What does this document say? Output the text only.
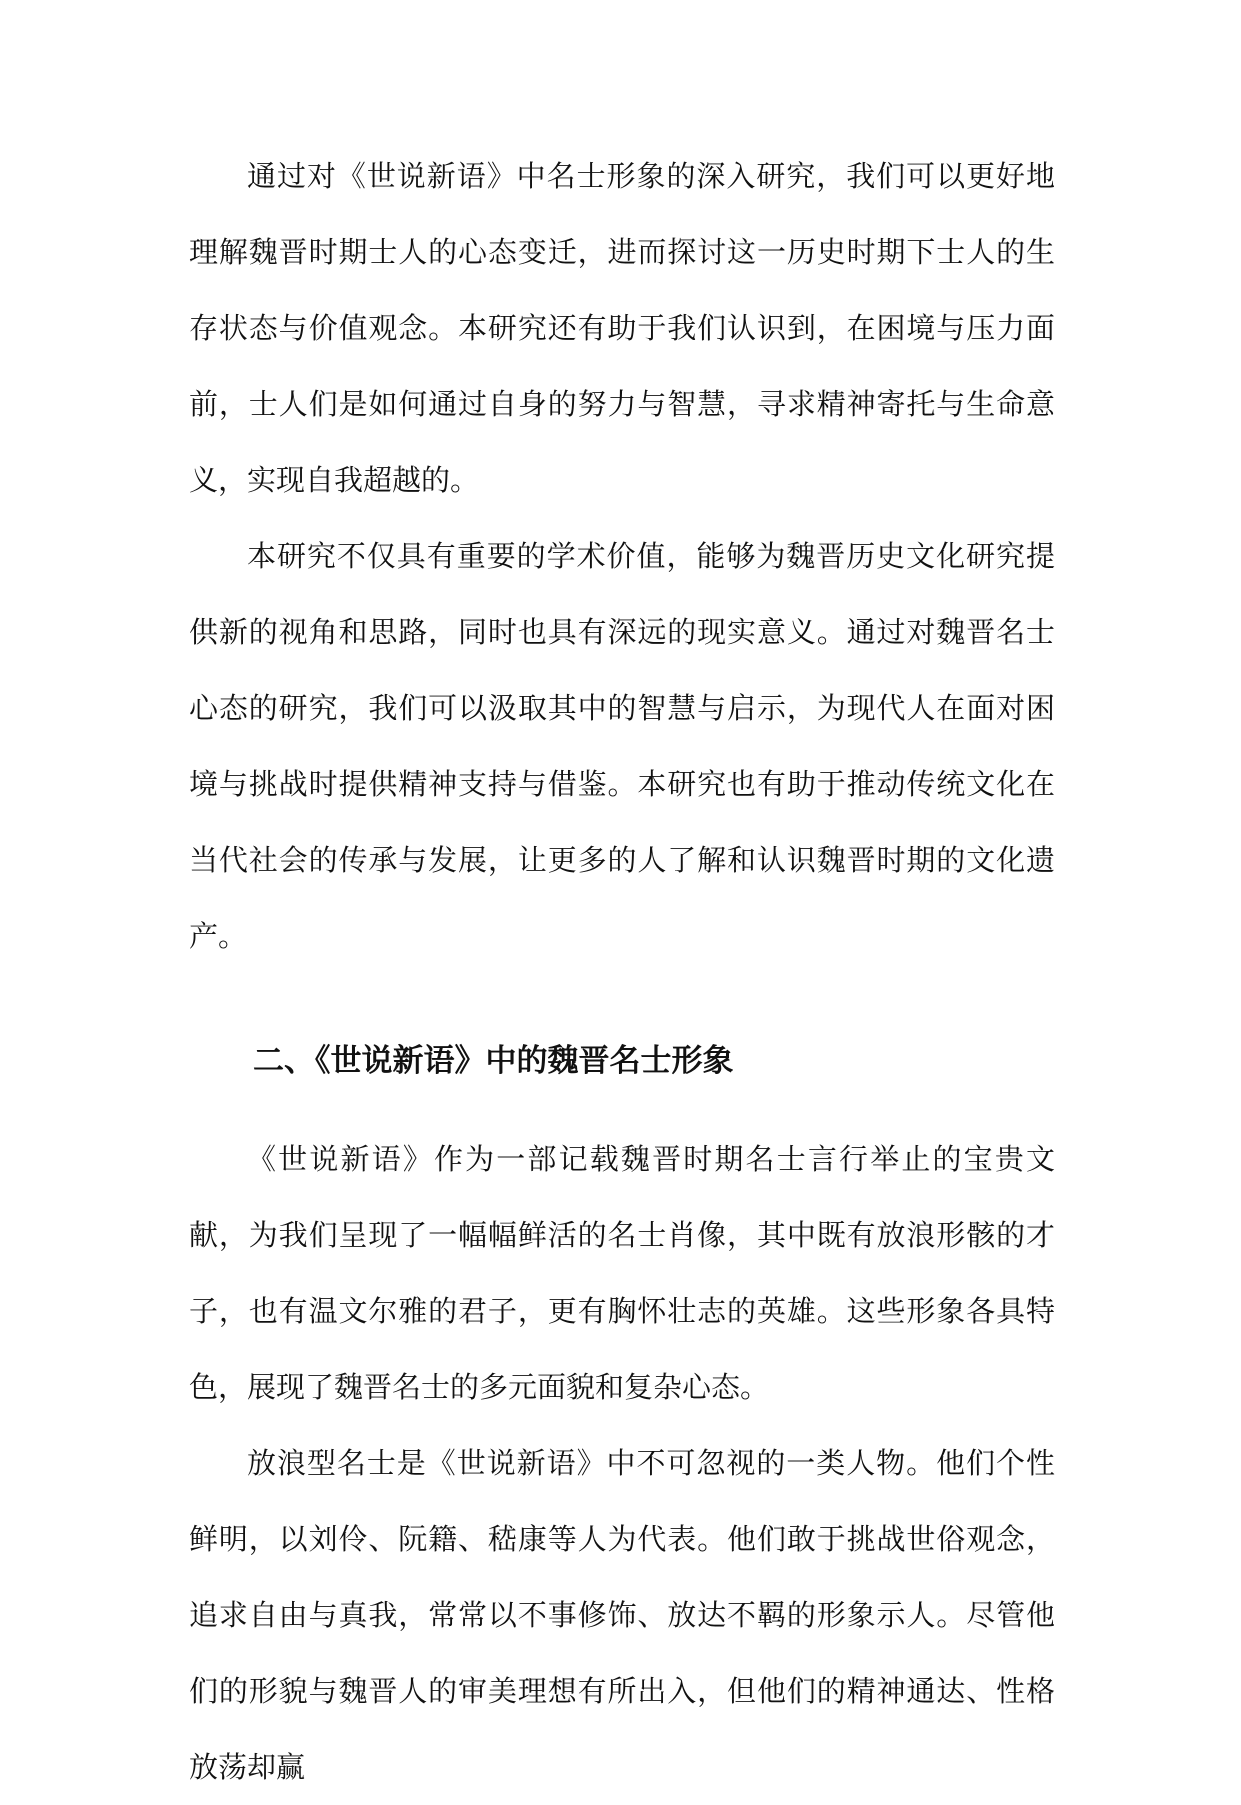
通过对《世说新语》中名士形象的深入研究，我们可以更好地理解魏晋时期士人的心态变迁，进而探讨这一历史时期下士人的生存状态与价值观念。本研究还有助于我们认识到，在困境与压力面前，士人们是如何通过自身的努力与智慧，寻求精神寄托与生命意义，实现自我超越的。

本研究不仅具有重要的学术价值，能够为魏晋历史文化研究提供新的视角和思路，同时也具有深远的现实意义。通过对魏晋名士心态的研究，我们可以汲取其中的智慧与启示，为现代人在面对困境与挑战时提供精神支持与借鉴。本研究也有助于推动传统文化在当代社会的传承与发展，让更多的人了解和认识魏晋时期的文化遗产。

二、《世说新语》中的魏晋名士形象

《世说新语》作为一部记载魏晋时期名士言行举止的宝贵文献，为我们呈现了一幅幅鲜活的名士肖像，其中既有放浪形骸的才子，也有温文尔雅的君子，更有胸怀壮志的英雄。这些形象各具特色，展现了魏晋名士的多元面貌和复杂心态。

放浪型名士是《世说新语》中不可忽视的一类人物。他们个性鲜明，以刘伶、阮籍、嵇康等人为代表。他们敢于挑战世俗观念，追求自由与真我，常常以不事修饰、放达不羁的形象示人。尽管他们的形貌与魏晋人的审美理想有所出入，但他们的精神通达、性格放荡却赢
